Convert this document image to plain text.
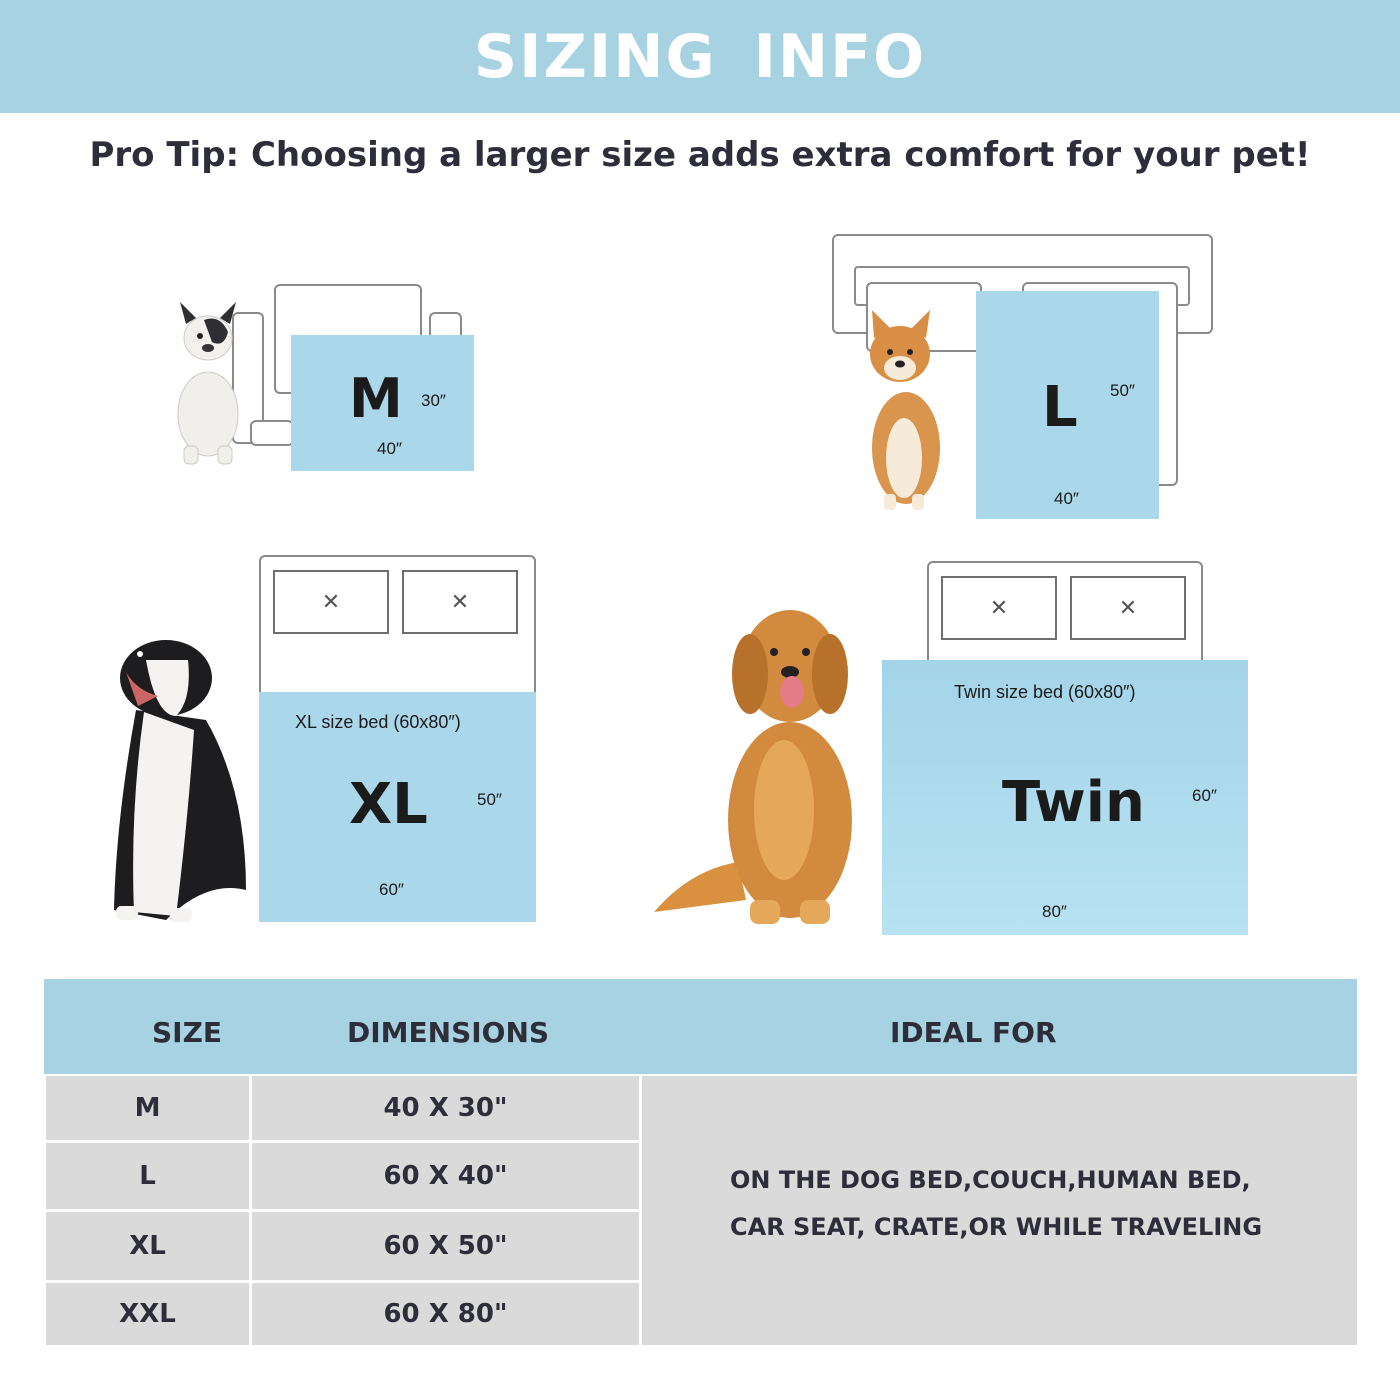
SIZING INFO
Pro Tip: Choosing a larger size adds extra comfort for your pet!
M 30″
40″
L 50″
40″
✕	✕
XL size bed (60x80″)
XL	50″
60″
✕	✕
Twin size bed (60x80″)
Twin	60″
80″
SIZE	DIMENSIONS	IDEAL FOR
M	40 X 30"
L	60 X 40"
XL	60 X 50"
XXL	60 X 80"
ON THE DOG BED,COUCH,HUMAN BED,
CAR SEAT, CRATE,OR WHILE TRAVELING
